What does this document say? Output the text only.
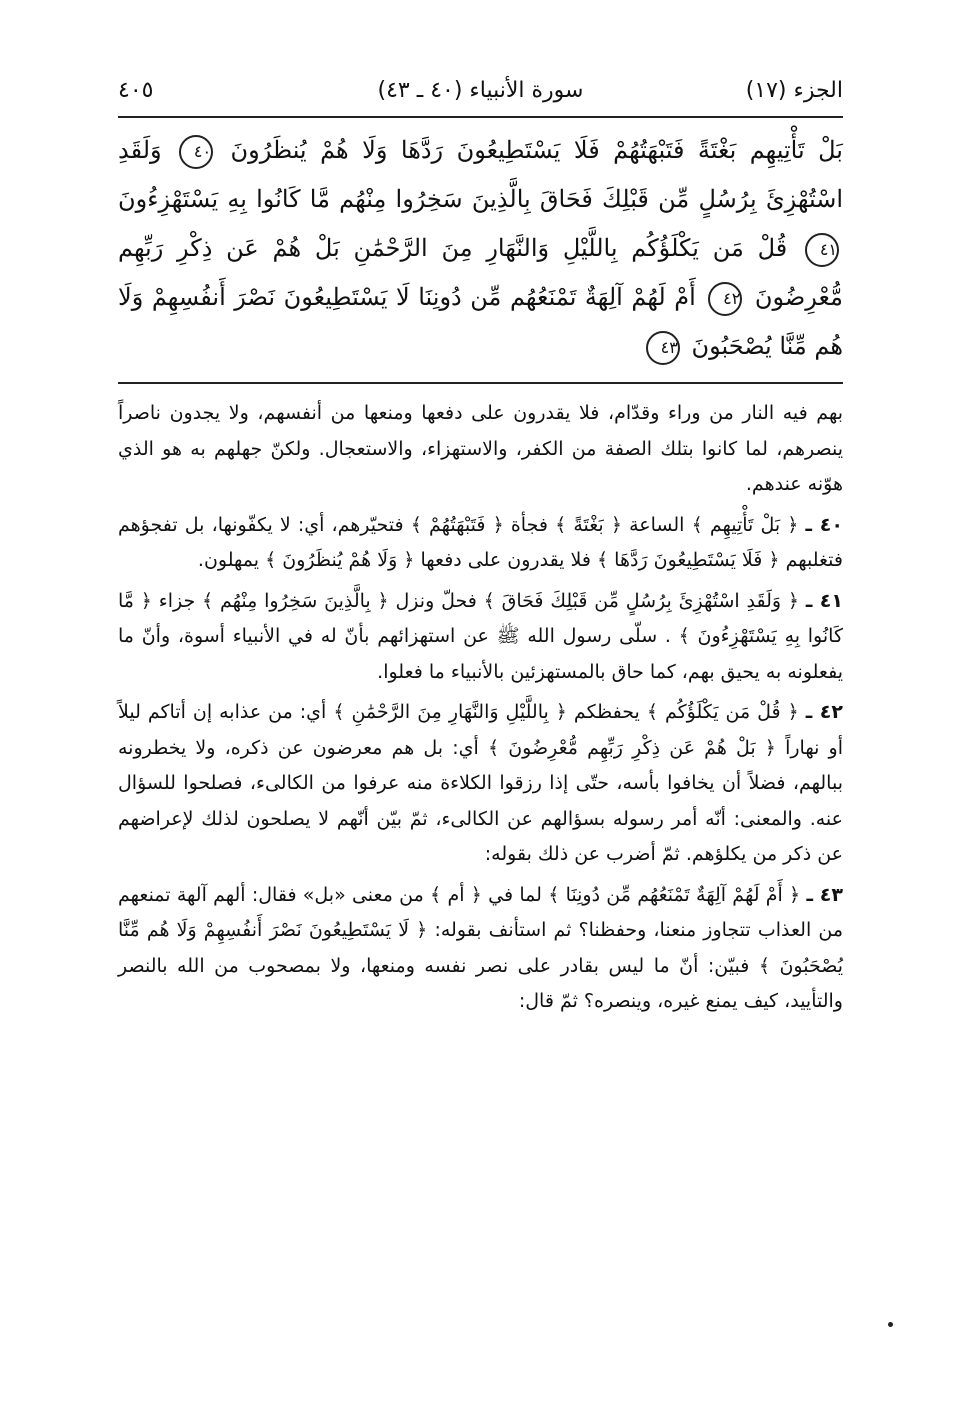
الجزء (١٧)
سورة الأنبياء (٤٠ ـ ٤٣)
٤٠٥
بَلْ تَأْتِيهِم بَغْتَةً فَتَبْهَتُهُمْ فَلَا يَسْتَطِيعُونَ رَدَّهَا وَلَا هُمْ يُنظَرُونَ ٤٠ وَلَقَدِ اسْتُهْزِئَ بِرُسُلٍ مِّن قَبْلِكَ فَحَاقَ بِالَّذِينَ سَخِرُوا مِنْهُم مَّا كَانُوا بِهِ يَسْتَهْزِءُونَ ٤١ قُلْ مَن يَكْلَؤُكُم بِاللَّيْلِ وَالنَّهَارِ مِنَ الرَّحْمَٰنِ بَلْ هُمْ عَن ذِكْرِ رَبِّهِم مُّعْرِضُونَ ٤٢ أَمْ لَهُمْ آلِهَةٌ تَمْنَعُهُم مِّن دُونِنَا لَا يَسْتَطِيعُونَ نَصْرَ أَنفُسِهِمْ وَلَا هُم مِّنَّا يُصْحَبُونَ ٤٣

بهم فيه النار من وراء وقدّام، فلا يقدرون على دفعها ومنعها من أنفسهم، ولا يجدون ناصراً ينصرهم، لما كانوا بتلك الصفة من الكفر، والاستهزاء، والاستعجال. ولكنّ جهلهم به هو الذي هوّنه عندهم.

٤٠ ـ ﴿ بَلْ تَأْتِيهِم ﴾ الساعة ﴿ بَغْتَةً ﴾ فجأة ﴿ فَتَبْهَتُهُمْ ﴾ فتحيّرهم، أي: لا يكفّونها، بل تفجؤهم فتغلبهم ﴿ فَلَا يَسْتَطِيعُونَ رَدَّهَا ﴾ فلا يقدرون على دفعها ﴿ وَلَا هُمْ يُنظَرُونَ ﴾ يمهلون.

٤١ ـ ﴿ وَلَقَدِ اسْتُهْزِئَ بِرُسُلٍ مِّن قَبْلِكَ فَحَاقَ ﴾ فحلّ ونزل ﴿ بِالَّذِينَ سَخِرُوا مِنْهُم ﴾ جزاء ﴿ مَّا كَانُوا بِهِ يَسْتَهْزِءُونَ ﴾ . سلّى رسول الله ﷺ عن استهزائهم بأنّ له في الأنبياء أسوة، وأنّ ما يفعلونه به يحيق بهم، كما حاق بالمستهزئين بالأنبياء ما فعلوا.

٤٢ ـ ﴿ قُلْ مَن يَكْلَؤُكُم ﴾ يحفظكم ﴿ بِاللَّيْلِ وَالنَّهَارِ مِنَ الرَّحْمَٰنِ ﴾ أي: من عذابه إن أتاكم ليلاً أو نهاراً ﴿ بَلْ هُمْ عَن ذِكْرِ رَبِّهِم مُّعْرِضُونَ ﴾ أي: بل هم معرضون عن ذكره، ولا يخطرونه ببالهم، فضلاً أن يخافوا بأسه، حتّى إذا رزقوا الكلاءة منه عرفوا من الكالىء، فصلحوا للسؤال عنه. والمعنى: أنّه أمر رسوله بسؤالهم عن الكالىء، ثمّ بيّن أنّهم لا يصلحون لذلك لإعراضهم عن ذكر من يكلؤهم. ثمّ أضرب عن ذلك بقوله:

٤٣ ـ ﴿ أَمْ لَهُمْ آلِهَةٌ تَمْنَعُهُم مِّن دُونِنَا ﴾ لما في ﴿ أم ﴾ من معنى «بل» فقال: ألهم آلهة تمنعهم من العذاب تتجاوز منعنا، وحفظنا؟ ثم استأنف بقوله: ﴿ لَا يَسْتَطِيعُونَ نَصْرَ أَنفُسِهِمْ وَلَا هُم مِّنَّا يُصْحَبُونَ ﴾ فبيّن: أنّ ما ليس بقادر على نصر نفسه ومنعها، ولا بمصحوب من الله بالنصر والتأييد، كيف يمنع غيره، وينصره؟ ثمّ قال:
